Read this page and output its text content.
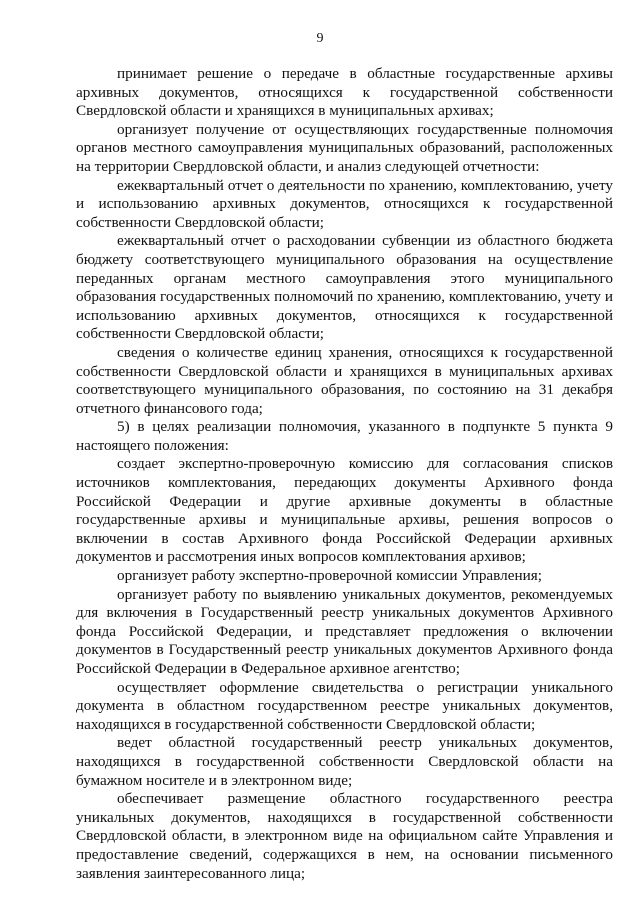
9

принимает решение о передаче в областные государственные архивы архивных документов, относящихся к государственной собственности Свердловской области и хранящихся в муниципальных архивах;

организует получение от осуществляющих государственные полномочия органов местного самоуправления муниципальных образований, расположенных на территории Свердловской области, и анализ следующей отчетности:

ежеквартальный отчет о деятельности по хранению, комплектованию, учету и использованию архивных документов, относящихся к государственной собственности Свердловской области;

ежеквартальный отчет о расходовании субвенции из областного бюджета бюджету соответствующего муниципального образования на осуществление переданных органам местного самоуправления этого муниципального образования государственных полномочий по хранению, комплектованию, учету и использованию архивных документов, относящихся к государственной собственности Свердловской области;

сведения о количестве единиц хранения, относящихся к государственной собственности Свердловской области и хранящихся в муниципальных архивах соответствующего муниципального образования, по состоянию на 31 декабря отчетного финансового года;

5) в целях реализации полномочия, указанного в подпункте 5 пункта 9 настоящего положения:

создает экспертно-проверочную комиссию для согласования списков источников комплектования, передающих документы Архивного фонда Российской Федерации и другие архивные документы в областные государственные архивы и муниципальные архивы, решения вопросов о включении в состав Архивного фонда Российской Федерации архивных документов и рассмотрения иных вопросов комплектования архивов;

организует работу экспертно-проверочной комиссии Управления;

организует работу по выявлению уникальных документов, рекомендуемых для включения в Государственный реестр уникальных документов Архивного фонда Российской Федерации, и представляет предложения о включении документов в Государственный реестр уникальных документов Архивного фонда Российской Федерации в Федеральное архивное агентство;

осуществляет оформление свидетельства о регистрации уникального документа в областном государственном реестре уникальных документов, находящихся в государственной собственности Свердловской области;

ведет областной государственный реестр уникальных документов, находящихся в государственной собственности Свердловской области на бумажном носителе и в электронном виде;

обеспечивает размещение областного государственного реестра уникальных документов, находящихся в государственной собственности Свердловской области, в электронном виде на официальном сайте Управления и предоставление сведений, содержащихся в нем, на основании письменного заявления заинтересованного лица;
